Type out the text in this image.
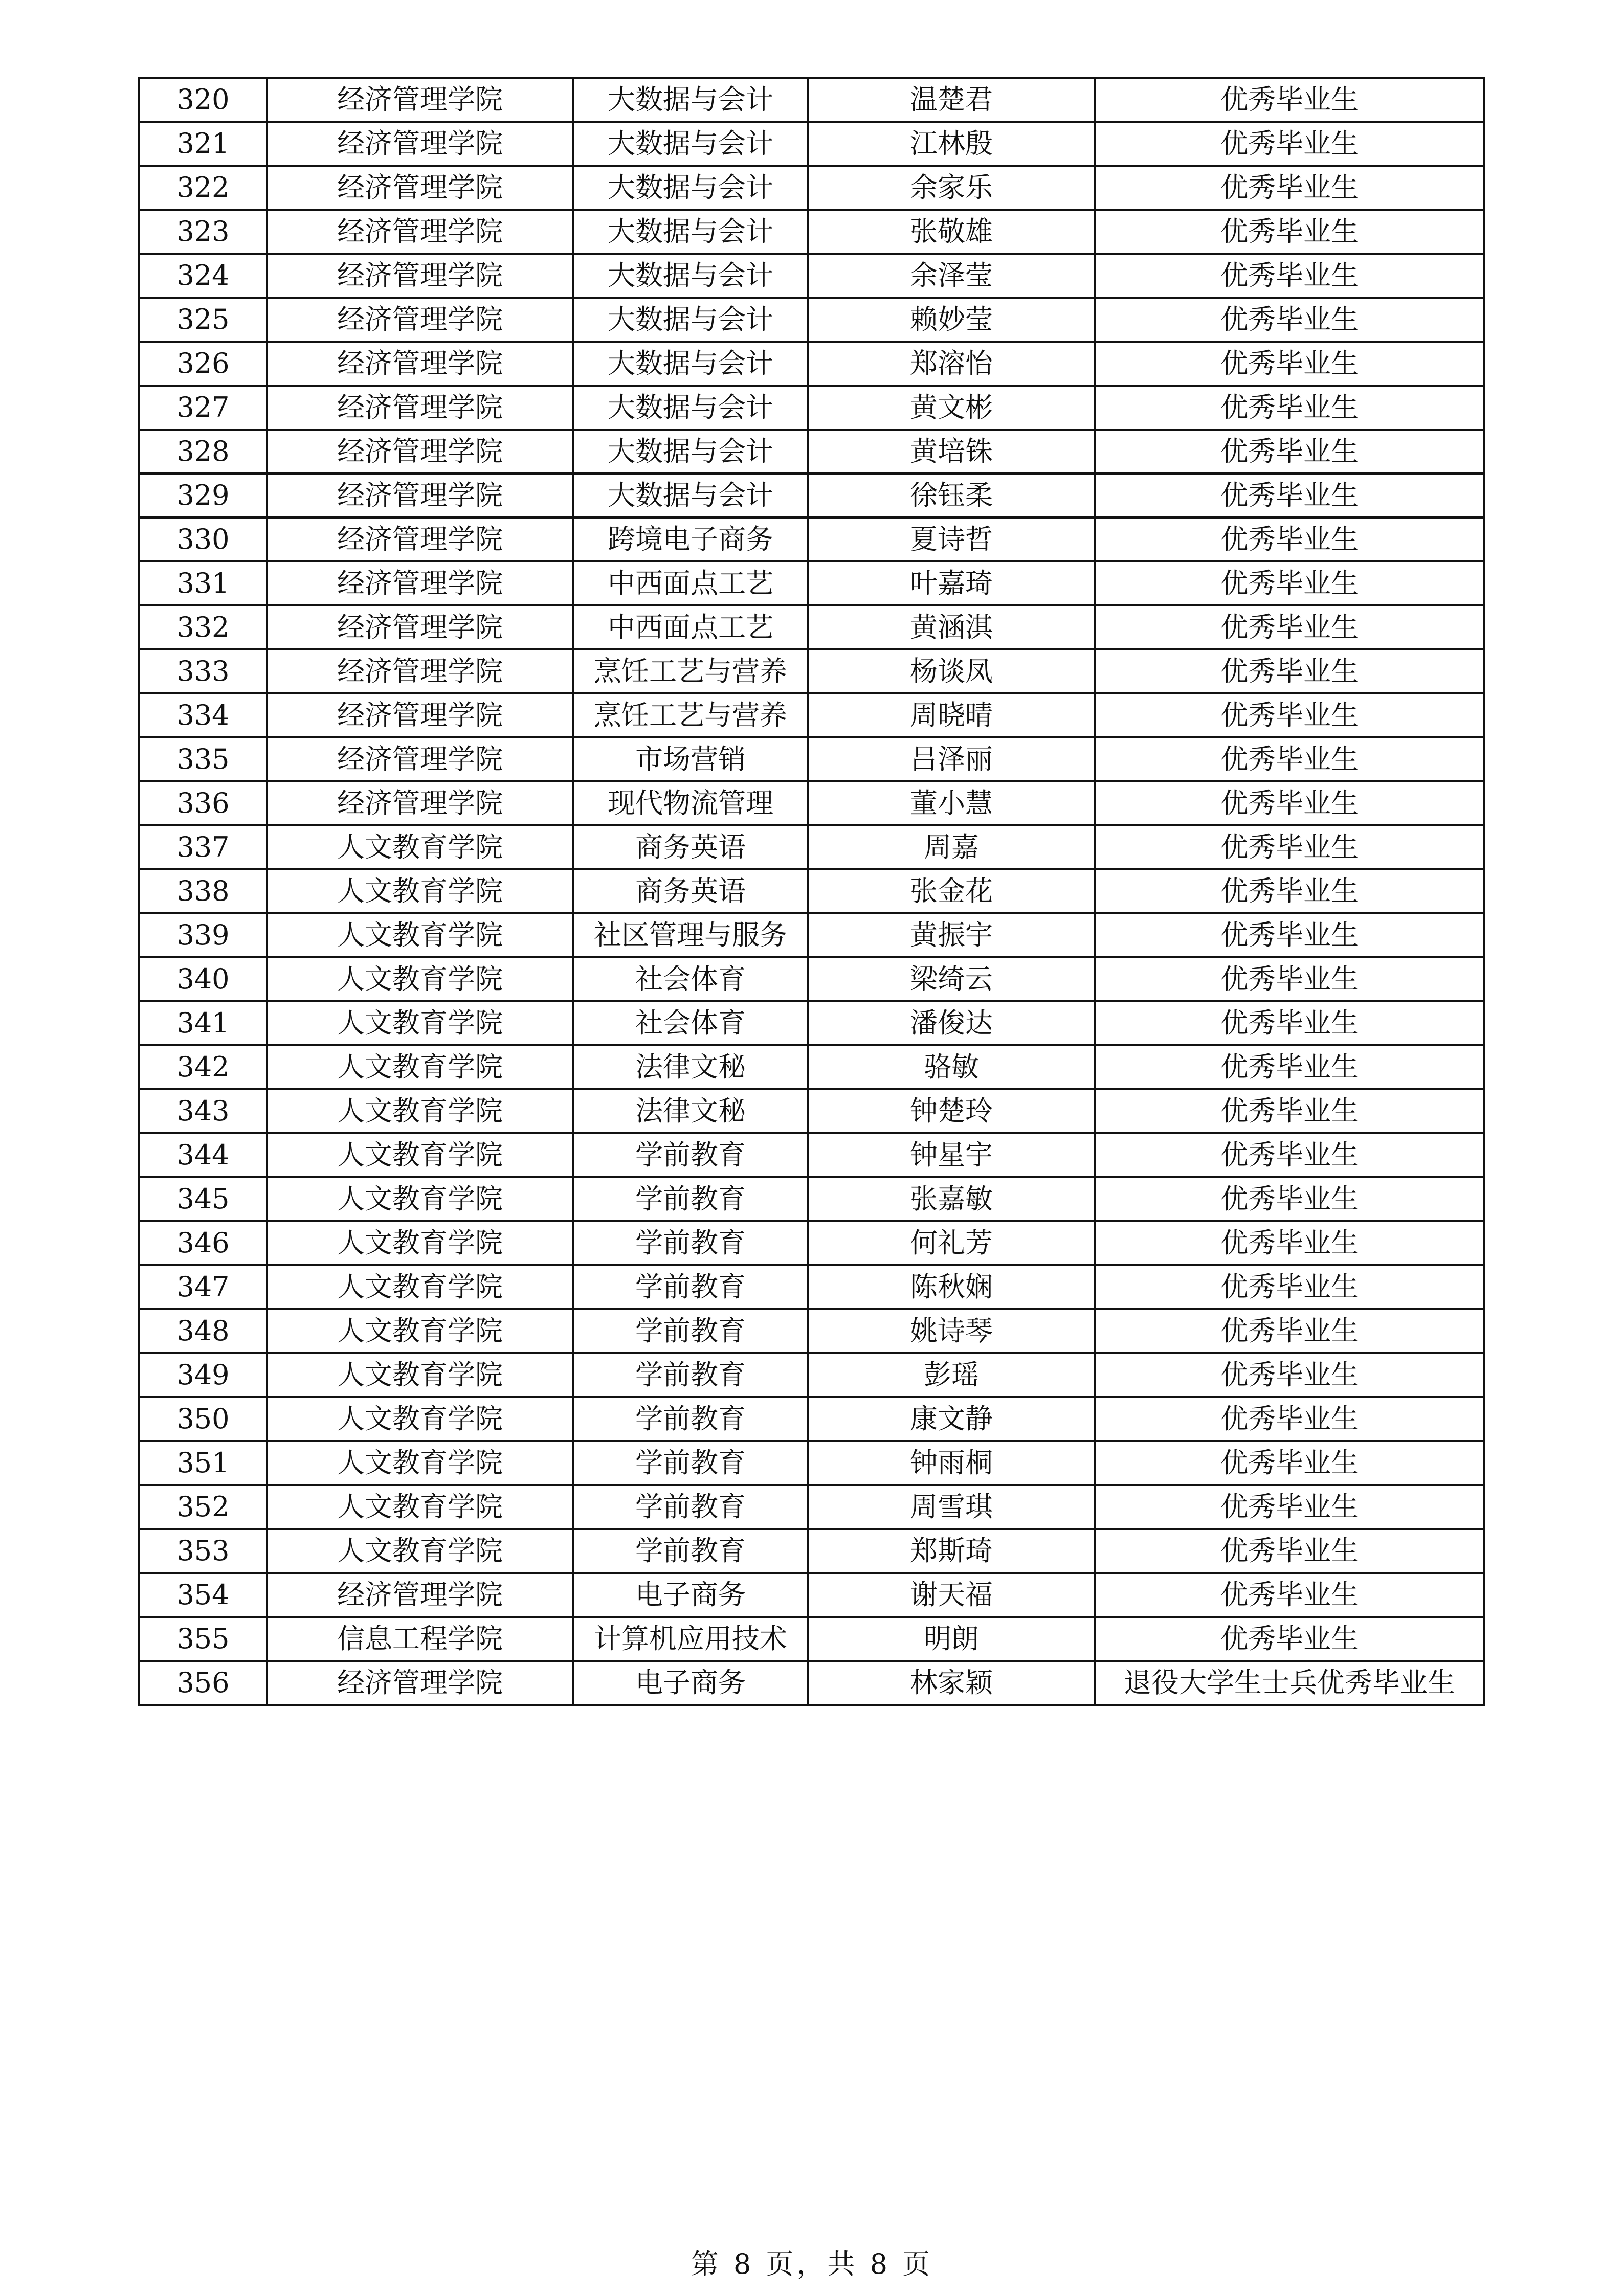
320	经济管理学院	大数据与会计	温楚君	优秀毕业生
321	经济管理学院	大数据与会计	江林殷	优秀毕业生
322	经济管理学院	大数据与会计	余家乐	优秀毕业生
323	经济管理学院	大数据与会计	张敬雄	优秀毕业生
324	经济管理学院	大数据与会计	余泽莹	优秀毕业生
325	经济管理学院	大数据与会计	赖妙莹	优秀毕业生
326	经济管理学院	大数据与会计	郑溶怡	优秀毕业生
327	经济管理学院	大数据与会计	黄文彬	优秀毕业生
328	经济管理学院	大数据与会计	黄培铢	优秀毕业生
329	经济管理学院	大数据与会计	徐钰柔	优秀毕业生
330	经济管理学院	跨境电子商务	夏诗哲	优秀毕业生
331	经济管理学院	中西面点工艺	叶嘉琦	优秀毕业生
332	经济管理学院	中西面点工艺	黄涵淇	优秀毕业生
333	经济管理学院	烹饪工艺与营养	杨谈凤	优秀毕业生
334	经济管理学院	烹饪工艺与营养	周晓晴	优秀毕业生
335	经济管理学院	市场营销	吕泽丽	优秀毕业生
336	经济管理学院	现代物流管理	董小慧	优秀毕业生
337	人文教育学院	商务英语	周嘉	优秀毕业生
338	人文教育学院	商务英语	张金花	优秀毕业生
339	人文教育学院	社区管理与服务	黄振宇	优秀毕业生
340	人文教育学院	社会体育	梁绮云	优秀毕业生
341	人文教育学院	社会体育	潘俊达	优秀毕业生
342	人文教育学院	法律文秘	骆敏	优秀毕业生
343	人文教育学院	法律文秘	钟楚玲	优秀毕业生
344	人文教育学院	学前教育	钟星宇	优秀毕业生
345	人文教育学院	学前教育	张嘉敏	优秀毕业生
346	人文教育学院	学前教育	何礼芳	优秀毕业生
347	人文教育学院	学前教育	陈秋娴	优秀毕业生
348	人文教育学院	学前教育	姚诗琴	优秀毕业生
349	人文教育学院	学前教育	彭瑶	优秀毕业生
350	人文教育学院	学前教育	康文静	优秀毕业生
351	人文教育学院	学前教育	钟雨桐	优秀毕业生
352	人文教育学院	学前教育	周雪琪	优秀毕业生
353	人文教育学院	学前教育	郑斯琦	优秀毕业生
354	经济管理学院	电子商务	谢天福	优秀毕业生
355	信息工程学院	计算机应用技术	明朗	优秀毕业生
356	经济管理学院	电子商务	林家颖	退役大学生士兵优秀毕业生
第 8 页，共 8 页
